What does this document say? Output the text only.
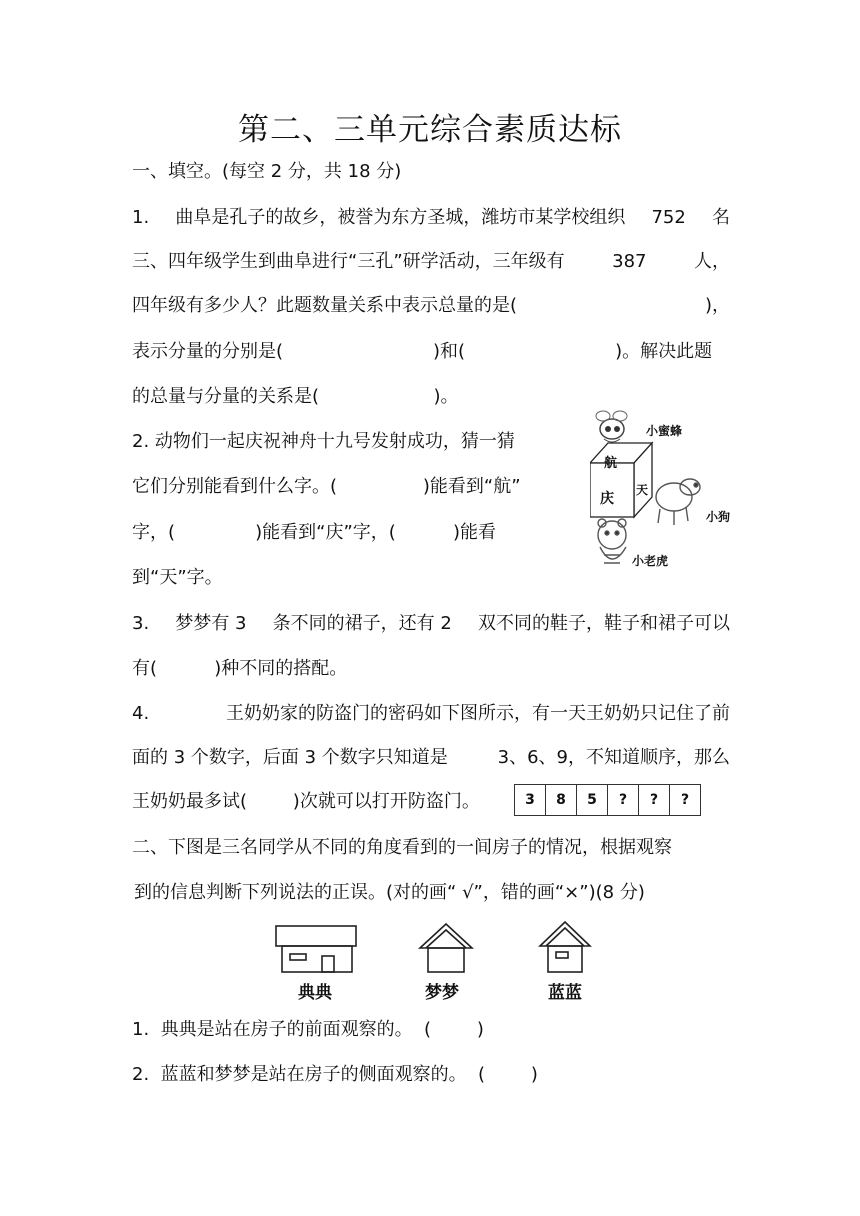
第二、三单元综合素质达标
一、填空。(每空 2 分，共 18 分)
1. 曲阜是孔子的故乡，被誉为东方圣城，潍坊市某学校组织 752 名
三、四年级学生到曲阜进行“三孔”研学活动，三年级有	387	人，
四年级有多少人？此题数量关系中表示总量的是(	)，
表示分量的分别是(	)和(	)。解决此题
的总量与分量的关系是(                    )。
2. 动物们一起庆祝神舟十九号发射成功，猜一猜
它们分别能看到什么字。(               )能看到“航”
字，(              )能看到“庆”字，(          )能看
到“天”字。
航
庆
天
小蜜蜂
小狗
小老虎
3. 梦梦有 3 条不同的裙子，还有 2 双不同的鞋子，鞋子和裙子可以
有(          )种不同的搭配。
4.	王奶奶家的防盗门的密码如下图所示，有一天王奶奶只记住了前
面的 3 个数字，后面 3 个数字只知道是	3、6、9，不知道顺序，那么
王奶奶最多试(        )次就可以打开防盗门。	3	8	5	?	?	?
二、下图是三名同学从不同的角度看到的一间房子的情况，根据观察
到的信息判断下列说法的正误。(对的画“ √”，错的画“×”)(8 分)
典典	梦梦	蓝蓝
1.  典典是站在房子的前面观察的。  (        )
2.  蓝蓝和梦梦是站在房子的侧面观察的。  (        )
